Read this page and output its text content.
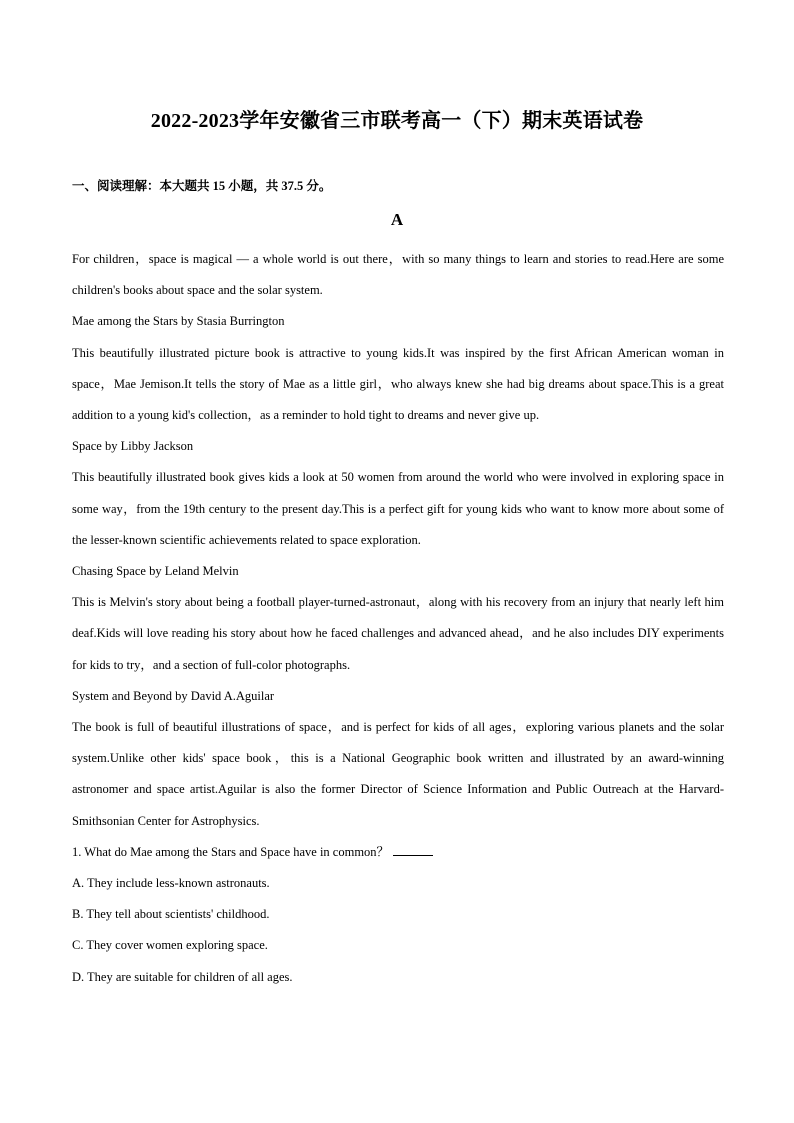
2022-2023学年安徽省三市联考高一（下）期末英语试卷
一、阅读理解：本大题共 15 小题，共 37.5 分。
A

For children，space is magical — a whole world is out there，with so many things to learn and stories to read.Here are some children's books about space and the solar system.

Mae among the Stars by Stasia Burrington

This beautifully illustrated picture book is attractive to young kids.It was inspired by the first African American woman in space，Mae Jemison.It tells the story of Mae as a little girl，who always knew she had big dreams about space.This is a great addition to a young kid's collection，as a reminder to hold tight to dreams and never give up.

Space by Libby Jackson

This beautifully illustrated book gives kids a look at 50 women from around the world who were involved in exploring space in some way，from the 19th century to the present day.This is a perfect gift for young kids who want to know more about some of the lesser-known scientific achievements related to space exploration.

Chasing Space by Leland Melvin

This is Melvin's story about being a football player-turned-astronaut，along with his recovery from an injury that nearly left him deaf.Kids will love reading his story about how he faced challenges and advanced ahead，and he also includes DIY experiments for kids to try，and a section of full-color photographs.

System and Beyond by David A.Aguilar

The book is full of beautiful illustrations of space，and is perfect for kids of all ages，exploring various planets and the solar system.Unlike other kids' space book，this is a National Geographic book written and illustrated by an award-winning astronomer and space artist.Aguilar is also the former Director of Science Information and Public Outreach at the Harvard-Smithsonian Center for Astrophysics.

1. What do Mae among the Stars and Space have in common？

A. They include less-known astronauts.

B. They tell about scientists' childhood.

C. They cover women exploring space.

D. They are suitable for children of all ages.
